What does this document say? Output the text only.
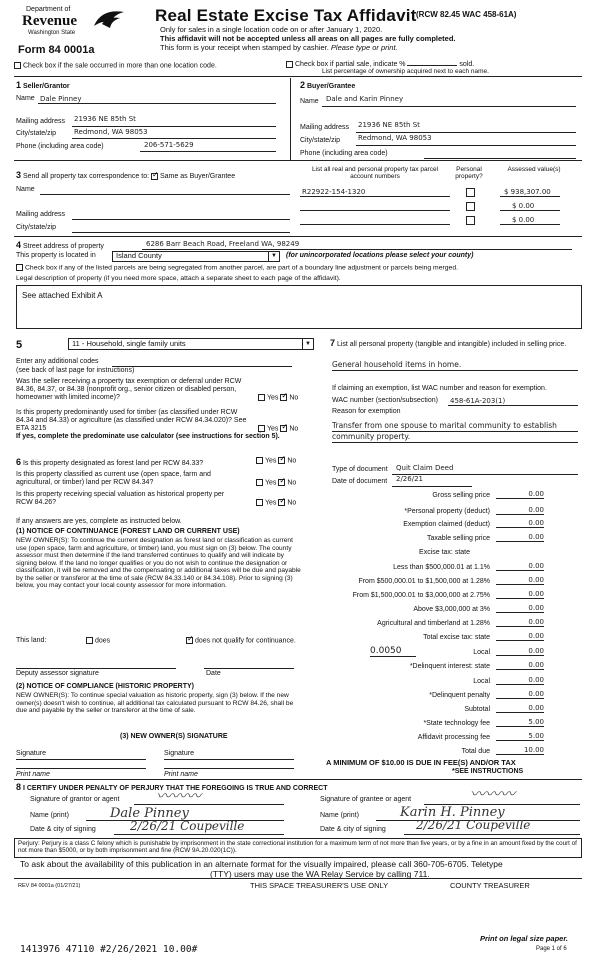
Department of
Revenue
Washington State
Form 84 0001a
Real Estate Excise Tax Affidavit (RCW 82.45 WAC 458-61A)
Only for sales in a single location code on or after January 1, 2020.
This affidavit will not be accepted unless all areas on all pages are fully completed.
This form is your receipt when stamped by cashier. Please type or print.
Check box if the sale occurred in more than one location code.	Check box if partial sale, indicate %	sold.
List percentage of ownership acquired next to each name.
1 Seller/Grantor
Name Dale Pinney
Mailing address 21936 NE 85th St
City/state/zip	Redmond, WA 98053
Phone (including area code)	206-571-5629
2 Buyer/Grantee
Name Dale and Karin Pinney
Mailing address 21936 NE 85th St
City/state/zip	Redmond, WA 98053
Phone (including area code)
3 Send all property tax correspondence to: ✓ Same as Buyer/Grantee
Name
Mailing address
City/state/zip
List all real and personal property tax parcel account numbers
Personal property?
Assessed value(s)
R22922-154-1320	$ 938,307.00
$ 0.00
$ 0.00
4 Street address of property	6286 Barr Beach Road, Freeland WA, 98249
This property is located in	Island County	▼ (for unincorporated locations please select your county)
Check box if any of the listed parcels are being segregated from another parcel, are part of a boundary line adjustment or parcels being merged.
Legal description of property (if you need more space, attach a separate sheet to each page of the affidavit).
See attached Exhibit A
5	11 - Household, single family units	▼
Enter any additional codes
(see back of last page for instructions)
Was the seller receiving a property tax exemption or deferral under RCW 84.36, 84.37, or 84.38 (nonprofit org., senior citizen or disabled person, homeowner with limited income)?	Yes ✓ No
Is this property predominantly used for timber (as classified under RCW 84.34 and 84.33) or agriculture (as classified under RCW 84.34.020)? See ETA 3215	Yes ✓ No
If yes, complete the predominate use calculator (see instructions for section 5).
6 Is this property designated as forest land per RCW 84.33?	Yes ✓ No
Is this property classified as current use (open space, farm and agricultural, or timber) land per RCW 84.34?	Yes ✓ No
Is this property receiving special valuation as historical property per RCW 84.26?	Yes ✓ No
If any answers are yes, complete as instructed below.
(1) NOTICE OF CONTINUANCE (FOREST LAND OR CURRENT USE)
NEW OWNER(S): To continue the current designation as forest land or classification as current use (open space, farm and agriculture, or timber) land, you must sign on (3) below. The county assessor must then determine if the land transferred continues to qualify and will indicate by signing below. If the land no longer qualifies or you do not wish to continue the designation or classification, it will be removed and the compensating or additional taxes will be due and payable by the seller or transferor at the time of sale (RCW 84.33.140 or 84.34.108). Prior to signing (3) below, you may contact your local county assessor for more information.
This land:	does ✓	does not qualify for continuance.
Deputy assessor signature	Date
(2) NOTICE OF COMPLIANCE (HISTORIC PROPERTY)
NEW OWNER(S): To continue special valuation as historic property, sign (3) below. If the new owner(s) doesn't wish to continue, all additional tax calculated pursuant to RCW 84.26, shall be due and payable by the seller or transferor at the time of sale.
(3) NEW OWNER(S) SIGNATURE
Signature	Signature
Print name	Print name
7 List all personal property (tangible and intangible) included in selling price.
General household items in home.
If claiming an exemption, list WAC number and reason for exemption.
WAC number (section/subsection) 458-61A-203(1)
Reason for exemption
Transfer from one spouse to marital community to establish community property.
Type of document Quit Claim Deed
Date of document 2/26/21
Gross selling price	0.00
*Personal property (deduct)	0.00
Exemption claimed (deduct)	0.00
Taxable selling price	0.00
Excise tax: state
Less than $500,000.01 at 1.1%	0.00
From $500,000.01 to $1,500,000 at 1.28%	0.00
From $1,500,000.01 to $3,000,000 at 2.75%	0.00
Above $3,000,000 at 3%	0.00
Agricultural and timberland at 1.28%	0.00
Total excise tax: state	0.00
0.0050	Local	0.00
*Delinquent interest: state	0.00
Local	0.00
*Delinquent penalty	0.00
Subtotal	0.00
*State technology fee	5.00
Affidavit processing fee	5.00
Total due	10.00
A MINIMUM OF $10.00 IS DUE IN FEE(S) AND/OR TAX
*SEE INSTRUCTIONS
8 I CERTIFY UNDER PENALTY OF PERJURY THAT THE FOREGOING IS TRUE AND CORRECT
Signature of grantor or agent 〰〰〰
Name (print)	Dale Pinney
Date & city of signing	2/26/21 Coupeville
Signature of grantee or agent	〰〰〰
Name (print)	Karin H. Pinney
Date & city of signing	2/26/21 Coupeville
Perjury: Perjury is a class C felony which is punishable by imprisonment in the state correctional institution for a maximum term of not more than five years, or by a fine in an amount fixed by the court of not more than $5000, or by both imprisonment and fine (RCW 9A.20.020(1C)).
To ask about the availability of this publication in an alternate format for the visually impaired, please call 360-705-6705. Teletype
(TTY) users may use the WA Relay Service by calling 711.
REV 84 0001a (01/27/21)	THIS SPACE TREASURER'S USE ONLY	COUNTY TREASURER
Print on legal size paper.
Page 1 of 6
1413976 47110 #2/26/2021 10.00#
